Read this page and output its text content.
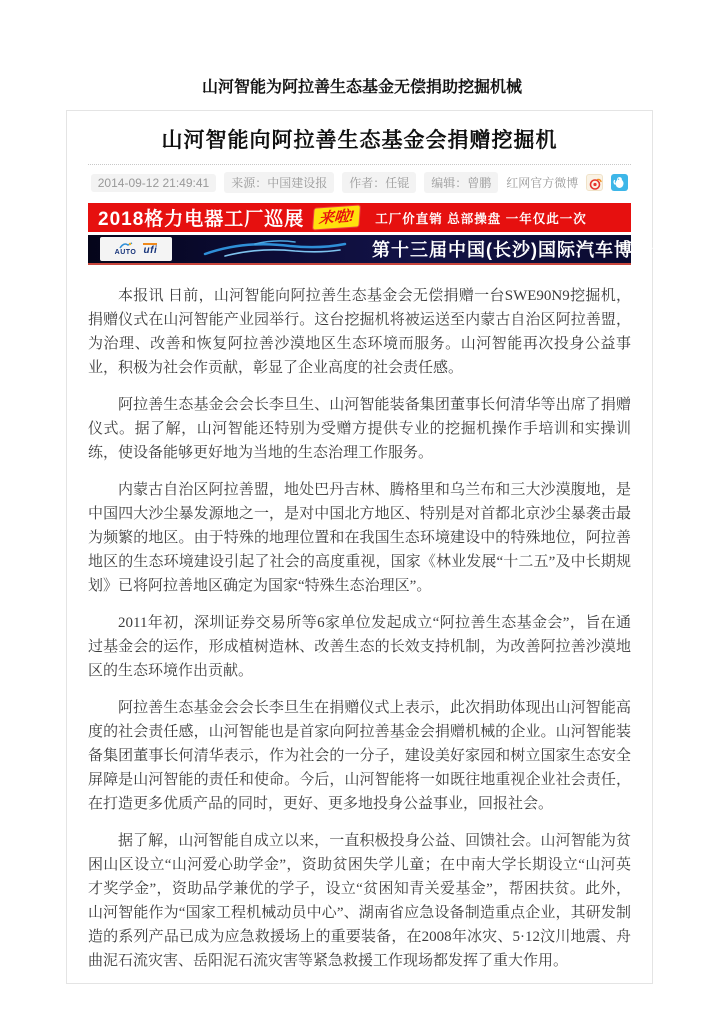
山河智能为阿拉善生态基金无偿捐助挖掘机械
山河智能向阿拉善生态基金会捐赠挖掘机
2014-09-12 21:49:41	来源：中国建设报	作者：任锟	编辑：曾鹏	红网官方微博
2018格力电器工厂巡展 来啦!	工厂价直销 总部操盘 一年仅此一次
AUTO ufi	第十三届中国(长沙)国际汽车博览会

本报讯 日前，山河智能向阿拉善生态基金会无偿捐赠一台SWE90N9挖掘机，捐赠仪式在山河智能产业园举行。这台挖掘机将被运送至内蒙古自治区阿拉善盟，为治理、改善和恢复阿拉善沙漠地区生态环境而服务。山河智能再次投身公益事业，积极为社会作贡献，彰显了企业高度的社会责任感。

阿拉善生态基金会会长李旦生、山河智能装备集团董事长何清华等出席了捐赠仪式。据了解，山河智能还特别为受赠方提供专业的挖掘机操作手培训和实操训练，使设备能够更好地为当地的生态治理工作服务。

内蒙古自治区阿拉善盟，地处巴丹吉林、腾格里和乌兰布和三大沙漠腹地，是中国四大沙尘暴发源地之一，是对中国北方地区、特别是对首都北京沙尘暴袭击最为频繁的地区。由于特殊的地理位置和在我国生态环境建设中的特殊地位，阿拉善地区的生态环境建设引起了社会的高度重视，国家《林业发展“十二五”及中长期规划》已将阿拉善地区确定为国家“特殊生态治理区”。

2011年初，深圳证券交易所等6家单位发起成立“阿拉善生态基金会”，旨在通过基金会的运作，形成植树造林、改善生态的长效支持机制，为改善阿拉善沙漠地区的生态环境作出贡献。

阿拉善生态基金会会长李旦生在捐赠仪式上表示，此次捐助体现出山河智能高度的社会责任感，山河智能也是首家向阿拉善基金会捐赠机械的企业。山河智能装备集团董事长何清华表示，作为社会的一分子，建设美好家园和树立国家生态安全屏障是山河智能的责任和使命。今后，山河智能将一如既往地重视企业社会责任，在打造更多优质产品的同时，更好、更多地投身公益事业，回报社会。

据了解，山河智能自成立以来，一直积极投身公益、回馈社会。山河智能为贫困山区设立“山河爱心助学金”，资助贫困失学儿童；在中南大学长期设立“山河英才奖学金”，资助品学兼优的学子，设立“贫困知青关爱基金”，帮困扶贫。此外，山河智能作为“国家工程机械动员中心”、湖南省应急设备制造重点企业，其研发制造的系列产品已成为应急救援场上的重要装备，在2008年冰灾、5·12汶川地震、舟曲泥石流灾害、岳阳泥石流灾害等紧急救援工作现场都发挥了重大作用。
